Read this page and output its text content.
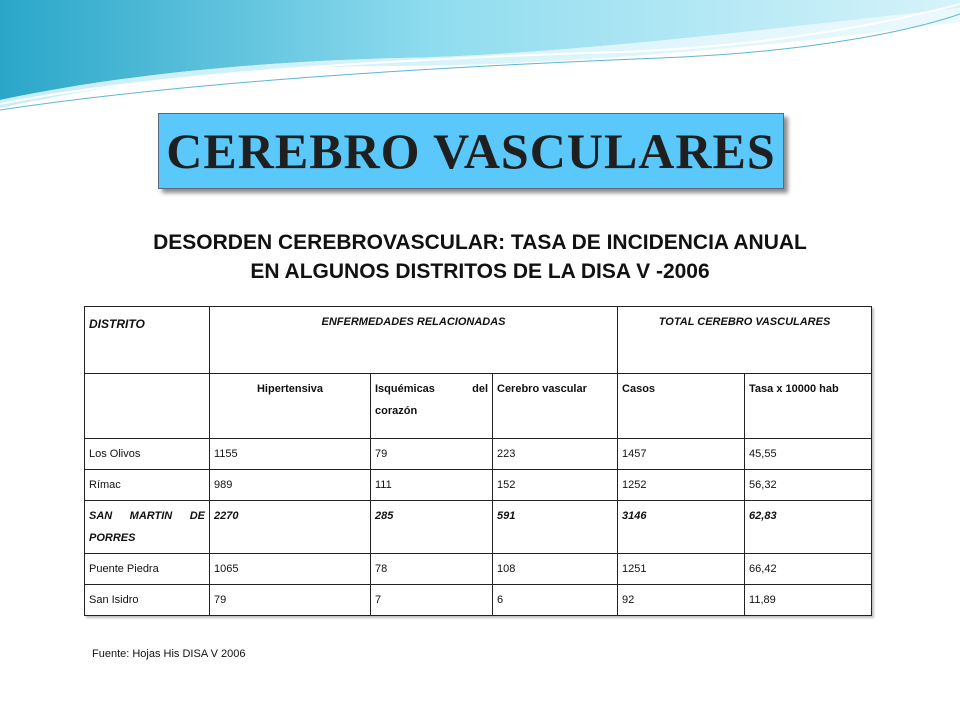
CEREBRO VASCULARES
DESORDEN CEREBROVASCULAR: TASA DE INCIDENCIA ANUAL
EN ALGUNOS DISTRITOS DE LA DISA V -2006
DISTRITO	ENFERMEDADES RELACIONADAS			TOTAL CEREBRO VASCULARES	
	Hipertensiva	Isquémicas del corazón	Cerebro vascular	Casos	Tasa x 10000 hab
Los Olivos	1155	79	223	1457	45,55
Rímac	989	111	152	1252	56,32
SAN MARTIN DE PORRES	2270	285	591	3146	62,83
Puente Piedra	1065	78	108	1251	66,42
San Isidro	79	7	6	92	11,89
Fuente: Hojas His DISA V 2006
